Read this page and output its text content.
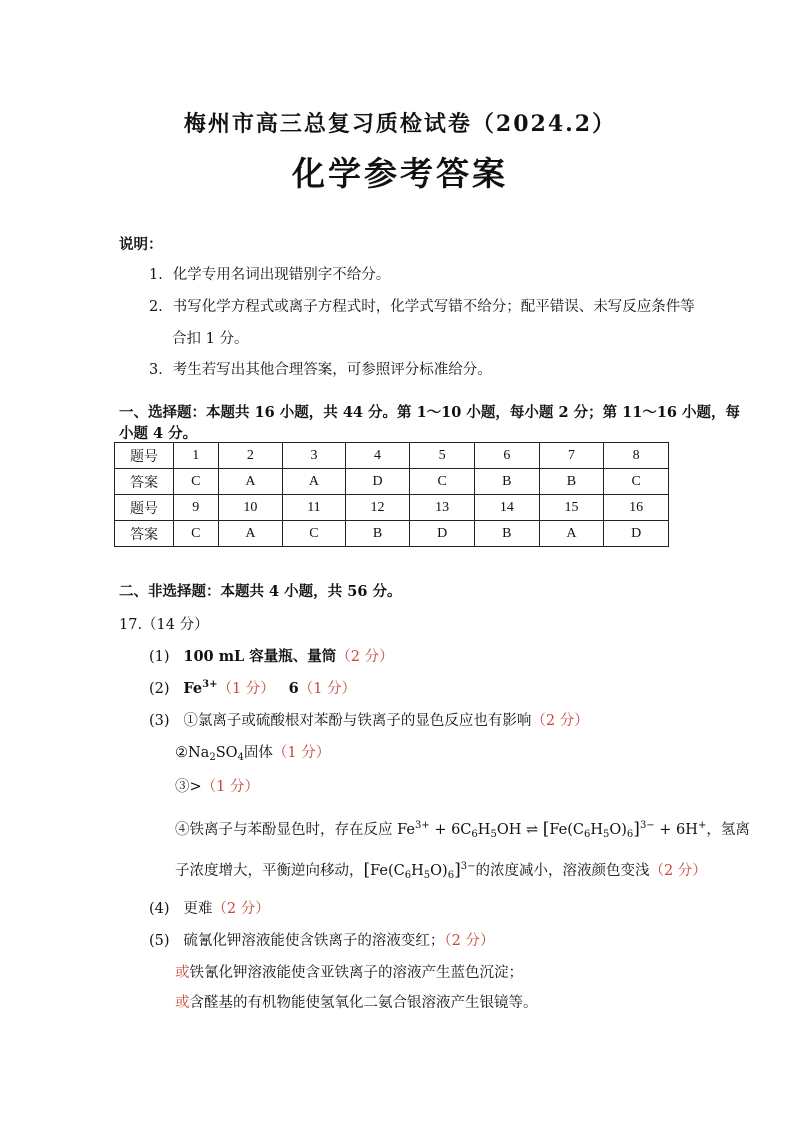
梅州市高三总复习质检试卷（2024.2）
化学参考答案
说明：
1．化学专用名词出现错别字不给分。
2．书写化学方程式或离子方程式时，化学式写错不给分；配平错误、未写反应条件等
合扣 1 分。
3．考生若写出其他合理答案，可参照评分标准给分。
一、选择题：本题共 16 小题，共 44 分。第 1～10 小题，每小题 2 分；第 11～16 小题，每
小题 4 分。
题号	1	2	3	4	5	6	7	8
答案	C	A	A	D	C	B	B	C
题号	9	10	11	12	13	14	15	16
答案	C	A	C	B	D	B	A	D
二、非选择题：本题共 4 小题，共 56 分。
17.（14 分）
(1) 100 mL 容量瓶、量筒（2 分）
(2) $Fe^{3+}(1$ 分） 6（1 分）
(3) ①氯离子或硫酸根对苯酚与铁离子的显色反应也有影响（2 分）
$②Na_2SO_4$固体（1 分）
③>（1 分）
④铁离子与苯酚显色时，存在反应 $Fe^{3+} + 6C_6H_5OH$ ⇌ $[Fe(C_6H_5O)_6]^{3-} + 6H^+$，氢离
子浓度增大，平衡逆向移动，$[Fe(C_6H_5O)_6]^{3-}$的浓度减小，溶液颜色变浅（2 分）
(4) 更难（2 分）
(5) 硫氰化钾溶液能使含铁离子的溶液变红；（2 分）
或铁氰化钾溶液能使含亚铁离子的溶液产生蓝色沉淀；
或含醛基的有机物能使氢氧化二氨合银溶液产生银镜等。
